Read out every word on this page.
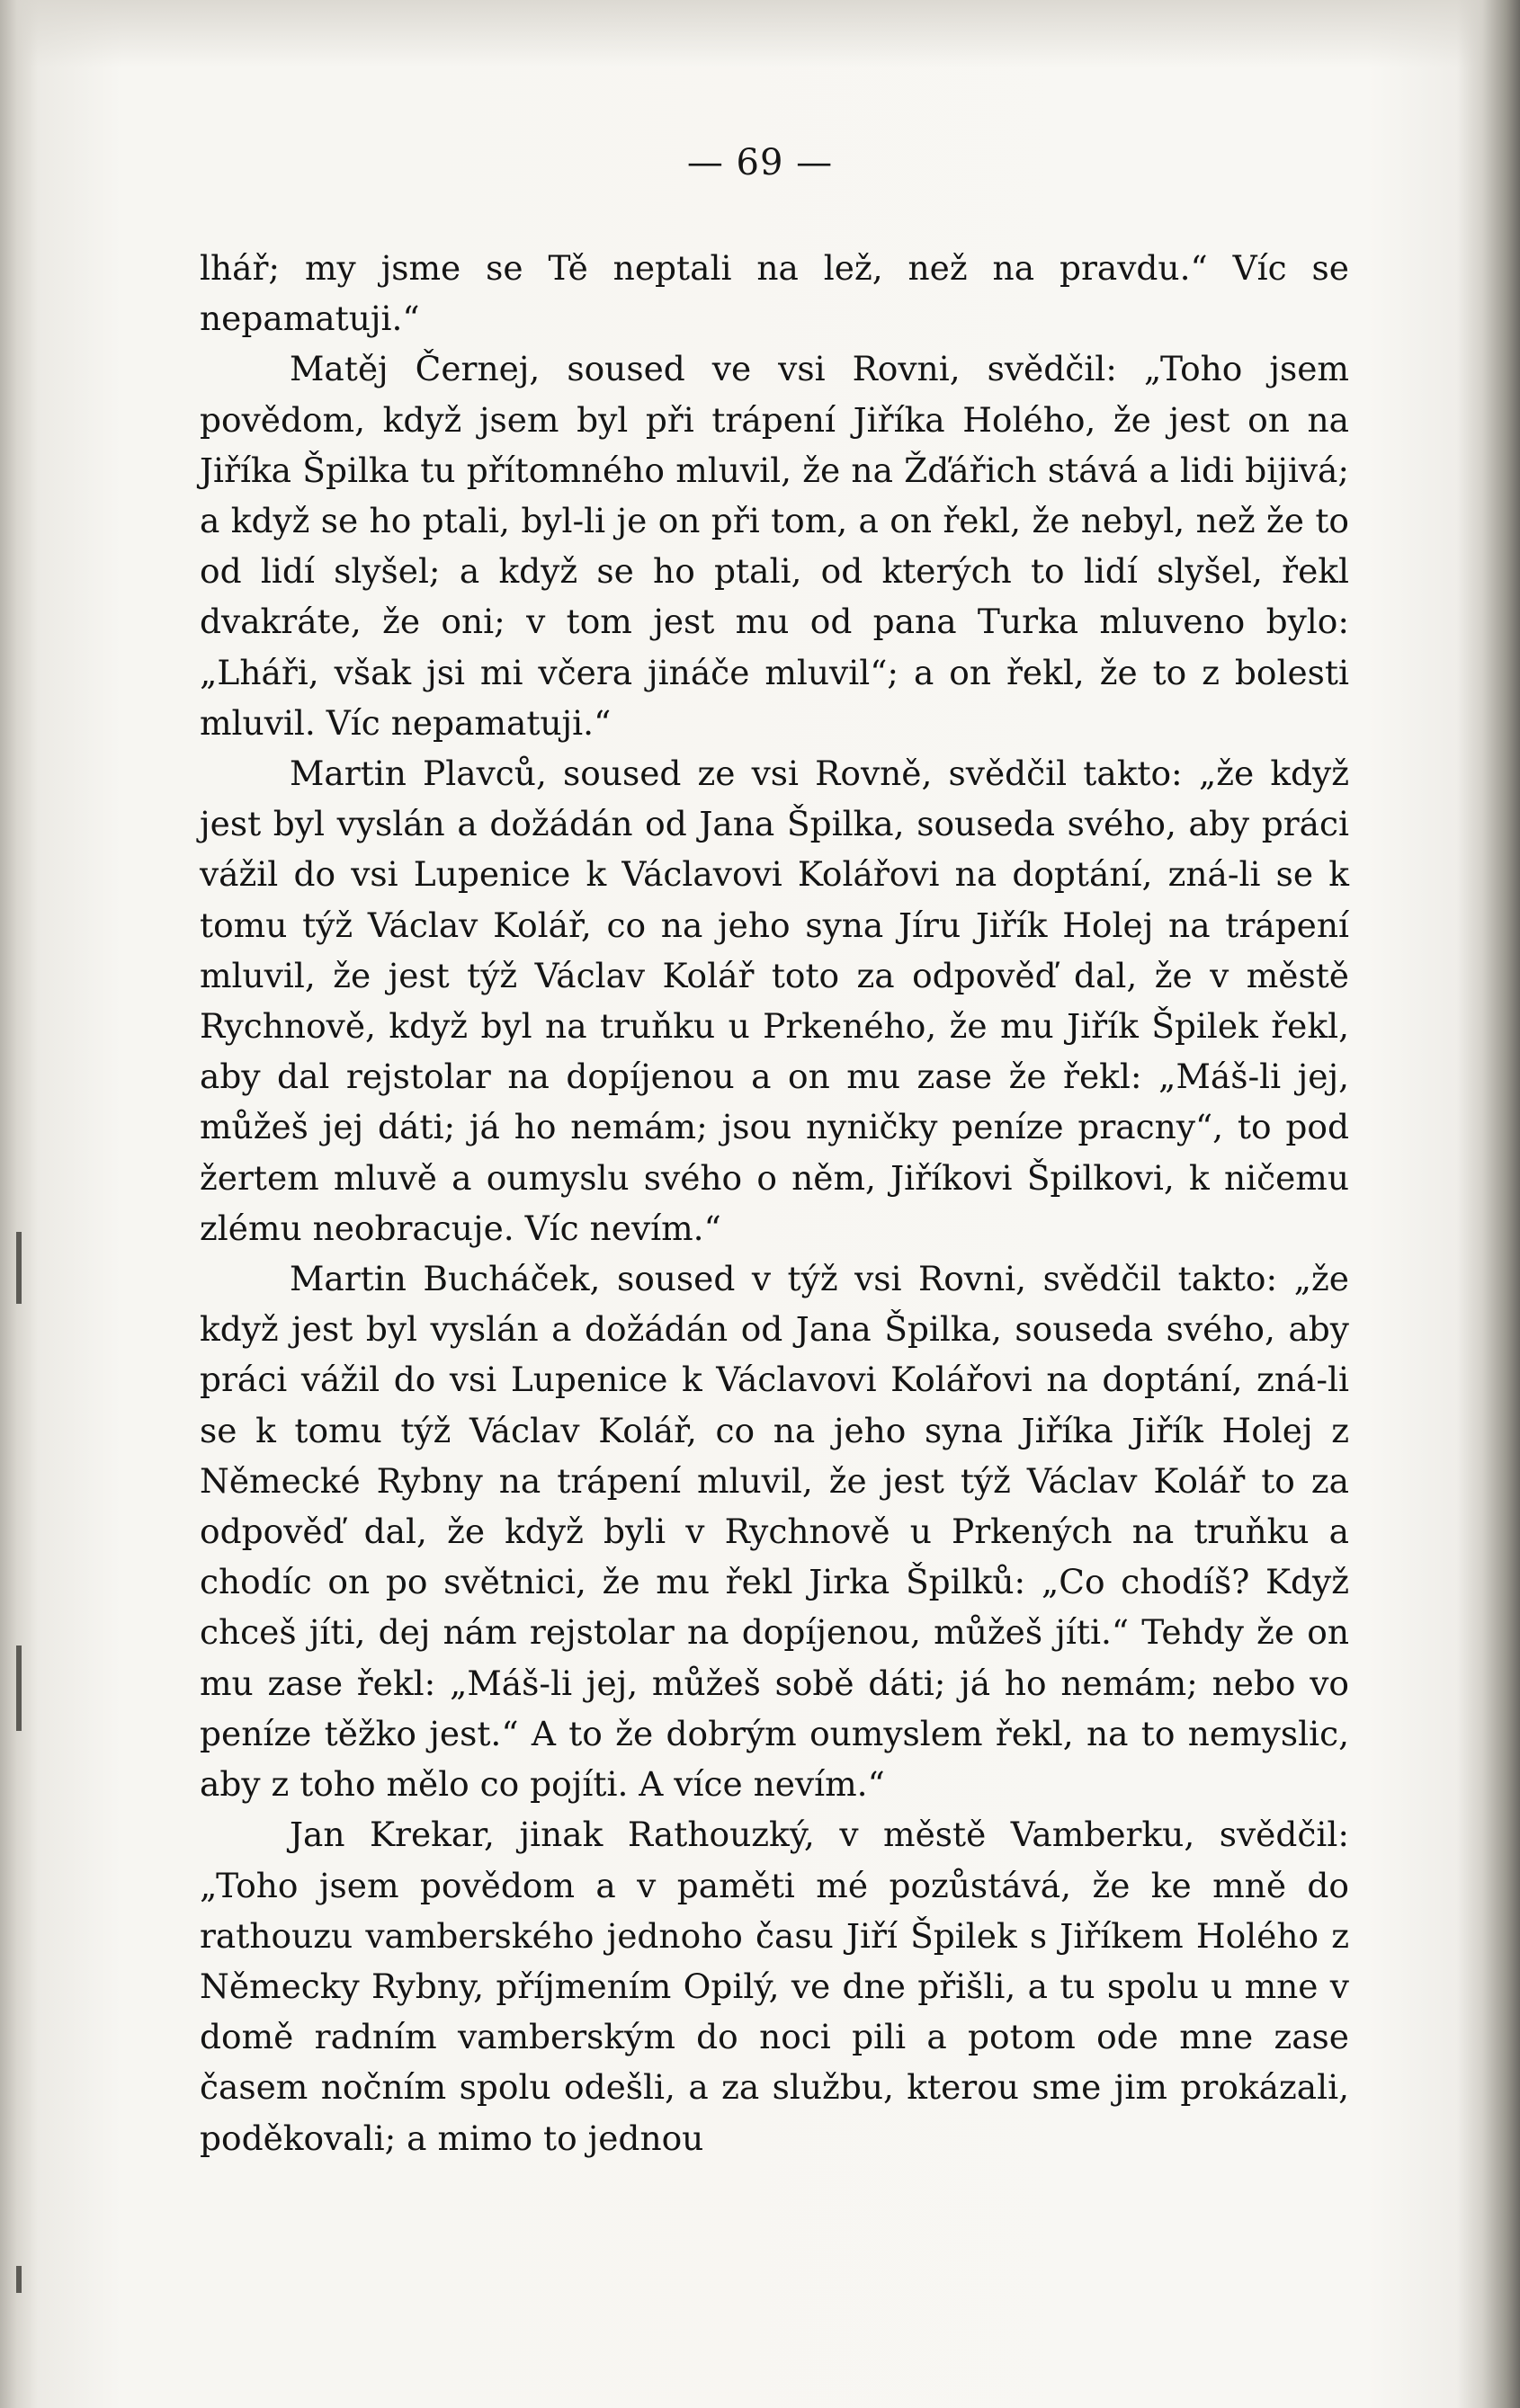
— 69 —

lhář; my jsme se Tě neptali na lež, než na pravdu.“ Víc se nepamatuji.“

Matěj Černej, soused ve vsi Rovni, svědčil: „Toho jsem povědom, když jsem byl při trápení Jiříka Holého, že jest on na Jiříka Špilka tu přítomného mluvil, že na Žďářich stává a lidi bijivá; a když se ho ptali, byl-li je on při tom, a on řekl, že nebyl, než že to od lidí slyšel; a když se ho ptali, od kterých to lidí slyšel, řekl dvakráte, že oni; v tom jest mu od pana Turka mluveno bylo: „Lháři, však jsi mi včera jináče mluvil“; a on řekl, že to z bolesti mluvil. Víc nepamatuji.“

Martin Plavců, soused ze vsi Rovně, svědčil takto: „že když jest byl vyslán a dožádán od Jana Špilka, souseda svého, aby práci vážil do vsi Lupenice k Václavovi Kolářovi na doptání, zná-li se k tomu týž Václav Kolář, co na jeho syna Jíru Jiřík Holej na trápení mluvil, že jest týž Václav Kolář toto za odpověď dal, že v městě Rychnově, když byl na truňku u Prkeného, že mu Jiřík Špilek řekl, aby dal rejstolar na dopíjenou a on mu zase že řekl: „Máš-li jej, můžeš jej dáti; já ho nemám; jsou nyničky peníze pracny“, to pod žertem mluvě a oumyslu svého o něm, Jiříkovi Špilkovi, k ničemu zlému neobracuje. Víc nevím.“

Martin Bucháček, soused v týž vsi Rovni, svědčil takto: „že když jest byl vyslán a dožádán od Jana Špilka, souseda svého, aby práci vážil do vsi Lupenice k Václavovi Kolářovi na doptání, zná-li se k tomu týž Václav Kolář, co na jeho syna Jiříka Jiřík Holej z Německé Rybny na trápení mluvil, že jest týž Václav Kolář to za odpověď dal, že když byli v Rychnově u Prkených na truňku a chodíc on po světnici, že mu řekl Jirka Špilků: „Co chodíš? Když chceš jíti, dej nám rejstolar na dopíjenou, můžeš jíti.“ Tehdy že on mu zase řekl: „Máš-li jej, můžeš sobě dáti; já ho nemám; nebo vo peníze těžko jest.“ A to že dobrým oumyslem řekl, na to nemyslic, aby z toho mělo co pojíti. A více nevím.“

Jan Krekar, jinak Rathouzký, v městě Vamberku, svědčil: „Toho jsem povědom a v paměti mé pozůstává, že ke mně do rathouzu vamberského jednoho času Jiří Špilek s Jiříkem Holého z Německy Rybny, příjmením Opilý, ve dne přišli, a tu spolu u mne v domě radním vamberským do noci pili a potom ode mne zase časem nočním spolu odešli, a za službu, kterou sme jim prokázali, poděkovali; a mimo to jednou
